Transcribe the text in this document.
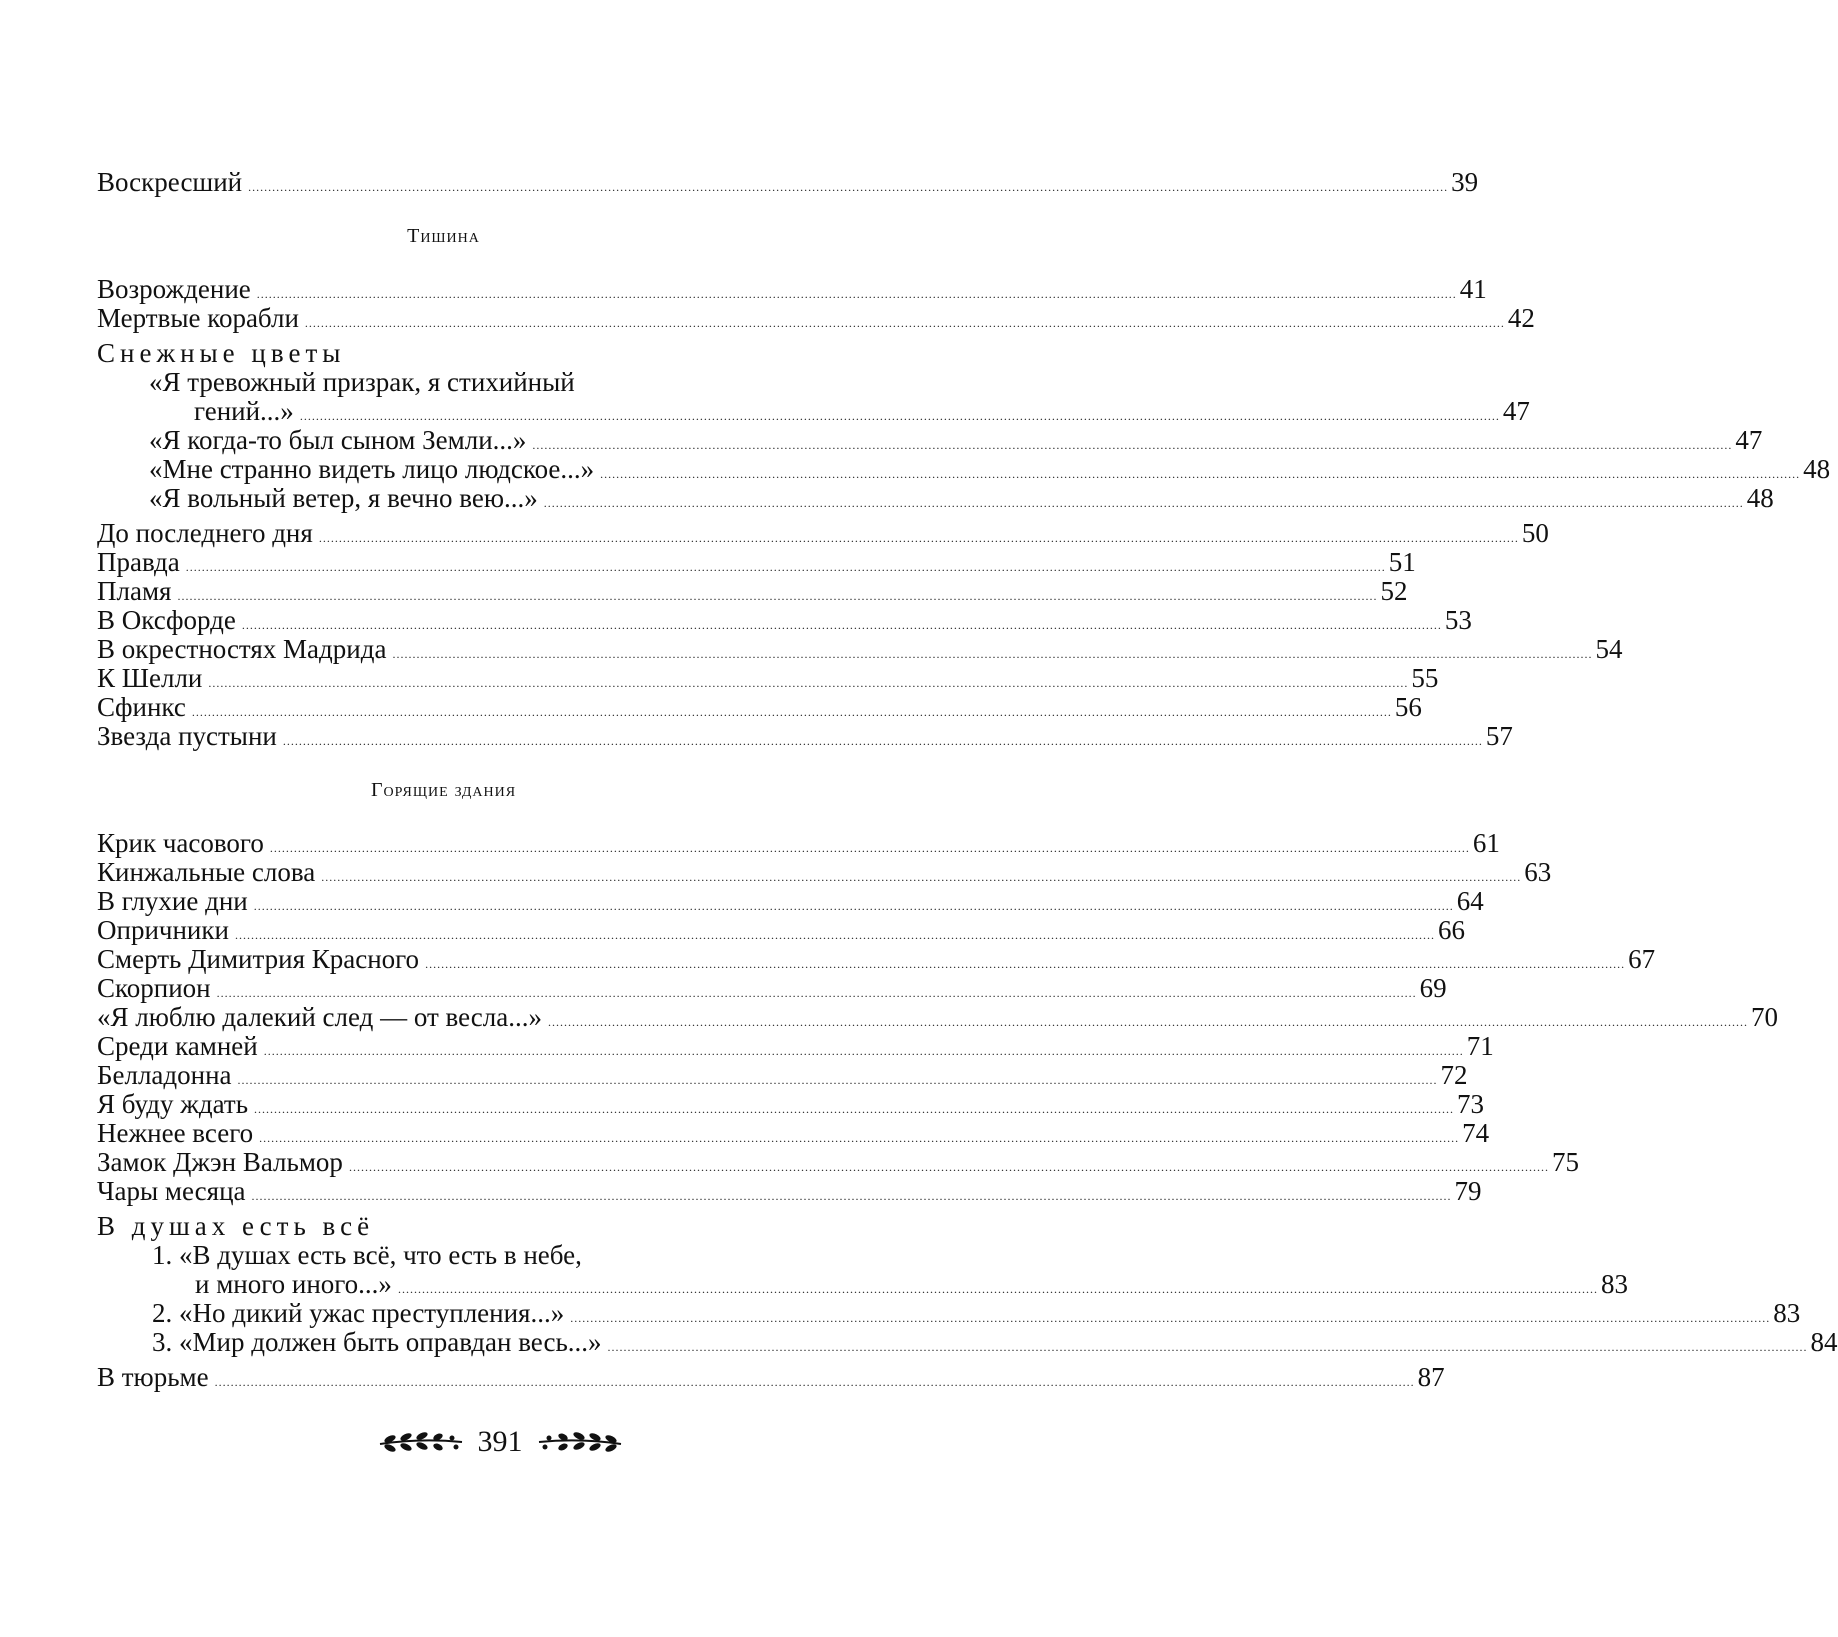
Воскресший ............................................................................................................................................................................................................................................................................................................ 39
Тишина
Возрождение ............................................................................................................................................................................................................................................................................................................ 41
Мертвые корабли ............................................................................................................................................................................................................................................................................................................ 42
Снежные цветы
«Я тревожный призрак, я стихийный
гений...» ............................................................................................................................................................................................................................................................................................................ 47
«Я когда-то был сыном Земли...» ............................................................................................................................................................................................................................................................................................................ 47
«Мне странно видеть лицо людское...» ............................................................................................................................................................................................................................................................................................................ 48
«Я вольный ветер, я вечно вею...» ............................................................................................................................................................................................................................................................................................................ 48
До последнего дня ............................................................................................................................................................................................................................................................................................................ 50
Правда ............................................................................................................................................................................................................................................................................................................ 51
Пламя ............................................................................................................................................................................................................................................................................................................ 52
В Оксфорде ............................................................................................................................................................................................................................................................................................................ 53
В окрестностях Мадрида ............................................................................................................................................................................................................................................................................................................ 54
К Шелли ............................................................................................................................................................................................................................................................................................................ 55
Сфинкс ............................................................................................................................................................................................................................................................................................................ 56
Звезда пустыни ............................................................................................................................................................................................................................................................................................................ 57
Горящие здания
Крик часового ............................................................................................................................................................................................................................................................................................................ 61
Кинжальные слова ............................................................................................................................................................................................................................................................................................................ 63
В глухие дни ............................................................................................................................................................................................................................................................................................................ 64
Опричники ............................................................................................................................................................................................................................................................................................................ 66
Смерть Димитрия Красного ............................................................................................................................................................................................................................................................................................................ 67
Скорпион ............................................................................................................................................................................................................................................................................................................ 69
«Я люблю далекий след — от весла...» ............................................................................................................................................................................................................................................................................................................ 70
Среди камней ............................................................................................................................................................................................................................................................................................................ 71
Белладонна ............................................................................................................................................................................................................................................................................................................ 72
Я буду ждать ............................................................................................................................................................................................................................................................................................................ 73
Нежнее всего ............................................................................................................................................................................................................................................................................................................ 74
Замок Джэн Вальмор ............................................................................................................................................................................................................................................................................................................ 75
Чары месяца ............................................................................................................................................................................................................................................................................................................ 79
В душах есть всё
1. «В душах есть всё, что есть в небе,
и много иного...» ............................................................................................................................................................................................................................................................................................................ 83
2. «Но дикий ужас преступления...» ............................................................................................................................................................................................................................................................................................................ 83
3. «Мир должен быть оправдан весь...» ............................................................................................................................................................................................................................................................................................................ 84
В тюрьме ............................................................................................................................................................................................................................................................................................................ 87
391
